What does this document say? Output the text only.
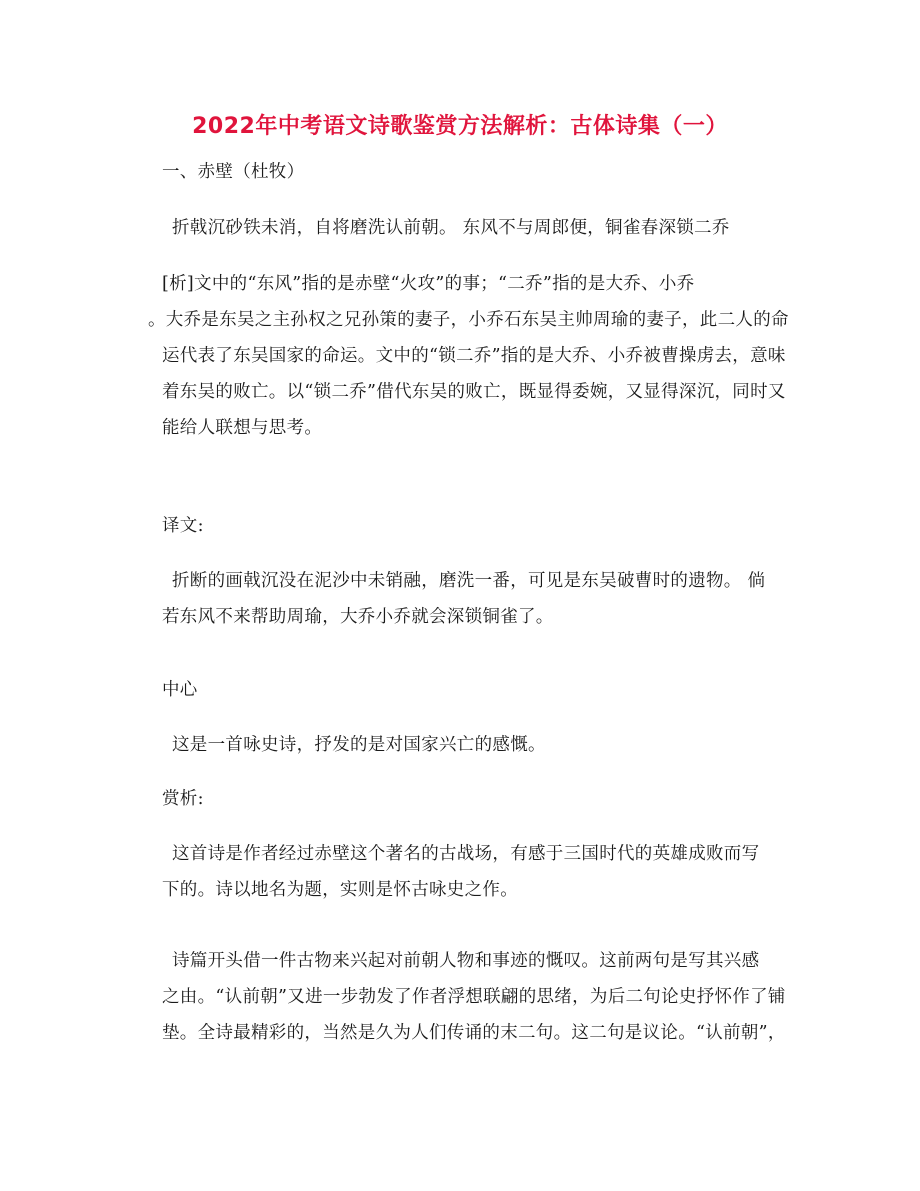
2022年中考语文诗歌鉴赏方法解析：古体诗集（一）
一、赤壁（杜牧）
折戟沉砂铁未消，自将磨洗认前朝。 东风不与周郎便，铜雀春深锁二乔
[析]文中的“东风”指的是赤壁“火攻”的事；“二乔”指的是大乔、小乔
。大乔是东吴之主孙权之兄孙策的妻子，小乔石东吴主帅周瑜的妻子，此二人的命
运代表了东吴国家的命运。文中的“锁二乔”指的是大乔、小乔被曹操虏去，意味
着东吴的败亡。以“锁二乔”借代东吴的败亡，既显得委婉，又显得深沉，同时又
能给人联想与思考。
译文:
折断的画戟沉没在泥沙中未销融，磨洗一番，可见是东吴破曹时的遗物。 倘
若东风不来帮助周瑜，大乔小乔就会深锁铜雀了。
中心
这是一首咏史诗，抒发的是对国家兴亡的感慨。
赏析:
这首诗是作者经过赤壁这个著名的古战场，有感于三国时代的英雄成败而写
下的。诗以地名为题，实则是怀古咏史之作。
诗篇开头借一件古物来兴起对前朝人物和事迹的慨叹。这前两句是写其兴感
之由。“认前朝”又进一步勃发了作者浮想联翩的思绪，为后二句论史抒怀作了铺
垫。全诗最精彩的，当然是久为人们传诵的末二句。这二句是议论。“认前朝”，
